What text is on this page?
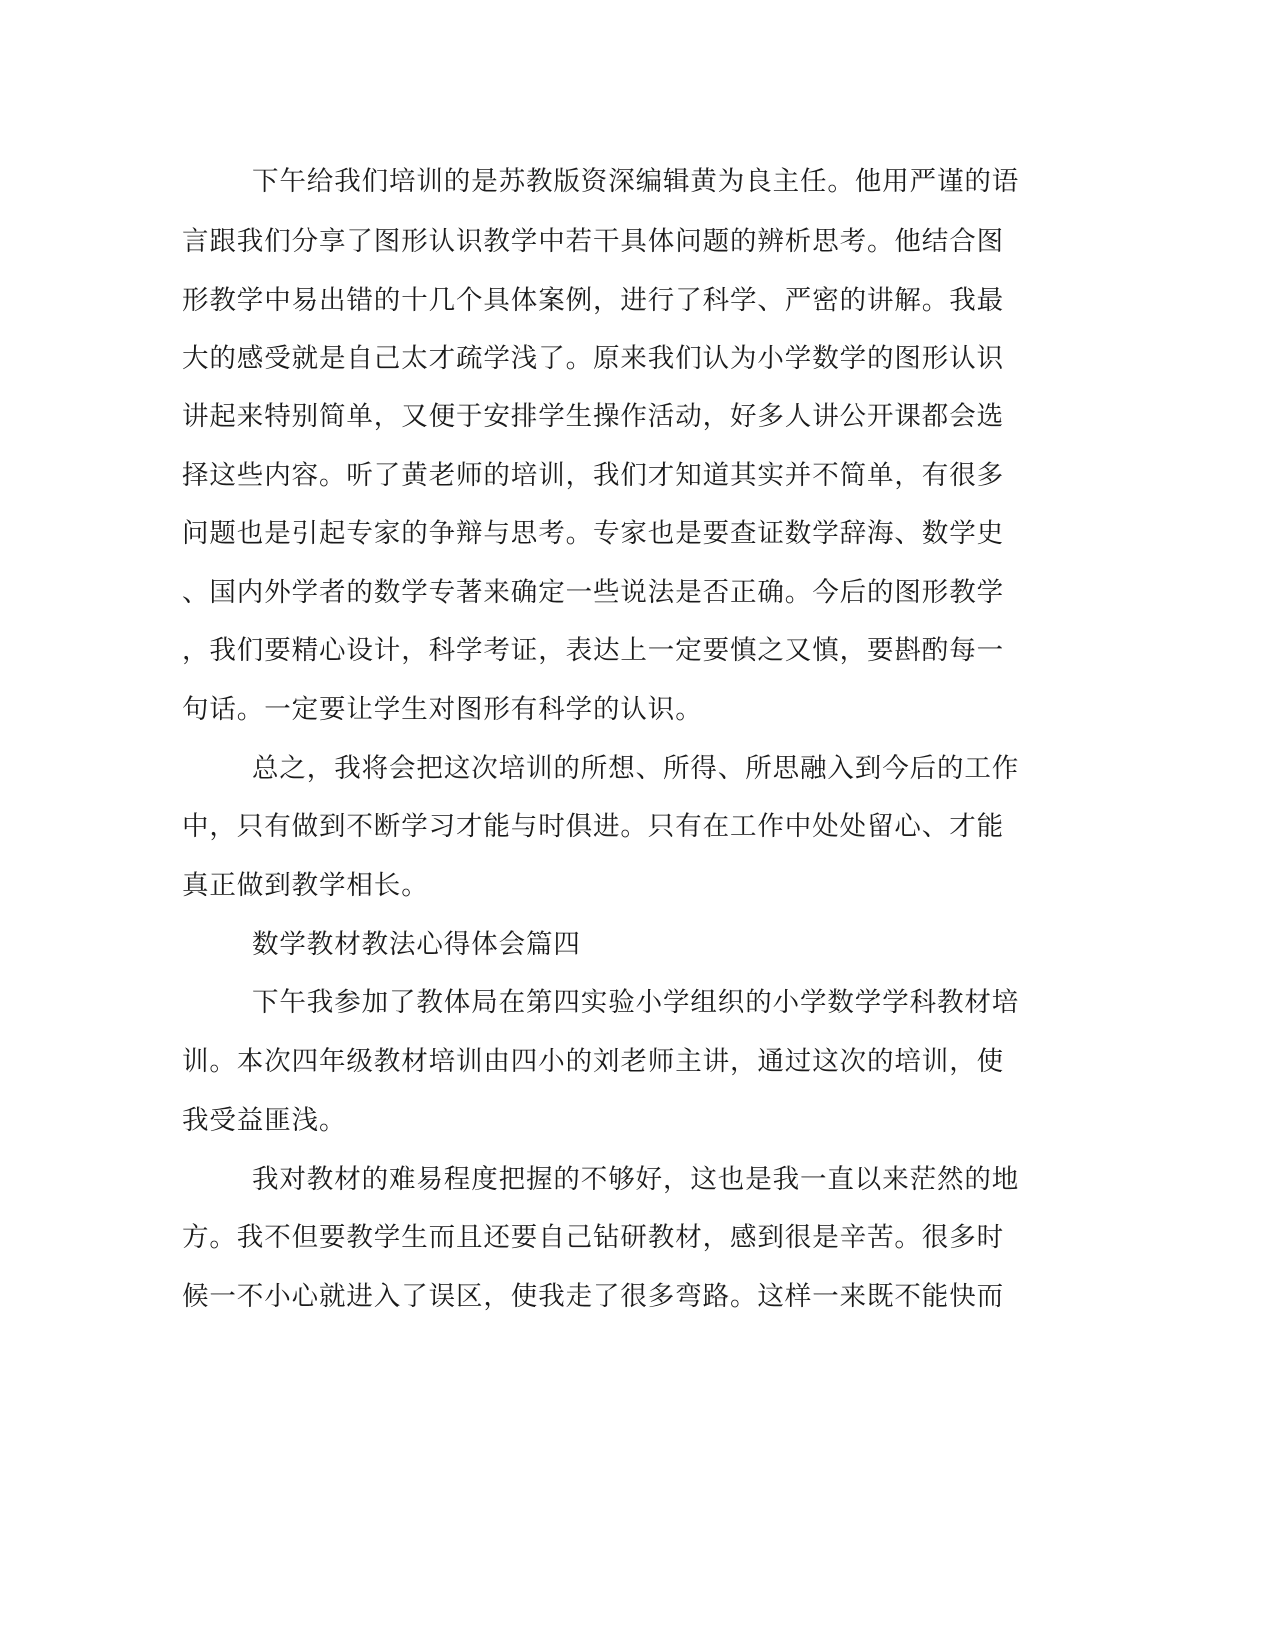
下午给我们培训的是苏教版资深编辑黄为良主任。他用严谨的语

言跟我们分享了图形认识教学中若干具体问题的辨析思考。他结合图

形教学中易出错的十几个具体案例，进行了科学、严密的讲解。我最

大的感受就是自己太才疏学浅了。原来我们认为小学数学的图形认识

讲起来特别简单，又便于安排学生操作活动，好多人讲公开课都会选

择这些内容。听了黄老师的培训，我们才知道其实并不简单，有很多

问题也是引起专家的争辩与思考。专家也是要查证数学辞海、数学史

、国内外学者的数学专著来确定一些说法是否正确。今后的图形教学

，我们要精心设计，科学考证，表达上一定要慎之又慎，要斟酌每一

句话。一定要让学生对图形有科学的认识。

总之，我将会把这次培训的所想、所得、所思融入到今后的工作

中，只有做到不断学习才能与时俱进。只有在工作中处处留心、才能

真正做到教学相长。

数学教材教法心得体会篇四

下午我参加了教体局在第四实验小学组织的小学数学学科教材培

训。本次四年级教材培训由四小的刘老师主讲，通过这次的培训，使

我受益匪浅。

我对教材的难易程度把握的不够好，这也是我一直以来茫然的地

方。我不但要教学生而且还要自己钻研教材，感到很是辛苦。很多时

候一不小心就进入了误区，使我走了很多弯路。这样一来既不能快而
